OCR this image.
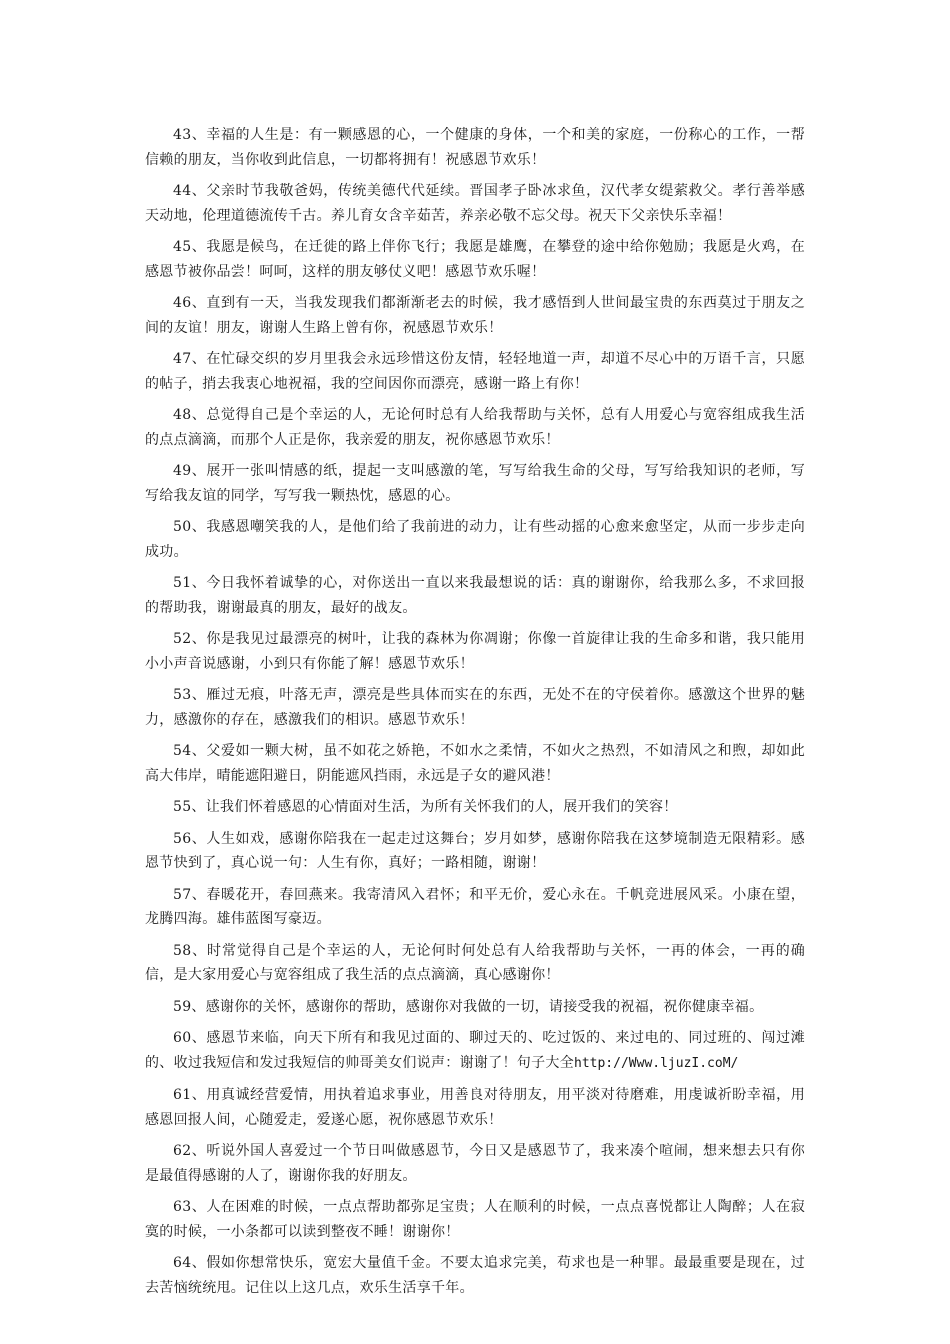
43、幸福的人生是：有一颗感恩的心，一个健康的身体，一个和美的家庭，一份称心的工作，一帮信赖的朋友，当你收到此信息，一切都将拥有！祝感恩节欢乐！

44、父亲时节我敬爸妈，传统美德代代延续。晋国孝子卧冰求鱼，汉代孝女缇萦救父。孝行善举感天动地，伦理道德流传千古。养儿育女含辛茹苦，养亲必敬不忘父母。祝天下父亲快乐幸福！

45、我愿是候鸟，在迁徙的路上伴你飞行；我愿是雄鹰，在攀登的途中给你勉励；我愿是火鸡，在感恩节被你品尝！呵呵，这样的朋友够仗义吧！感恩节欢乐喔！

46、直到有一天，当我发现我们都渐渐老去的时候，我才感悟到人世间最宝贵的东西莫过于朋友之间的友谊！朋友，谢谢人生路上曾有你，祝感恩节欢乐！

47、在忙碌交织的岁月里我会永远珍惜这份友情，轻轻地道一声，却道不尽心中的万语千言，只愿的帖子，捎去我衷心地祝福，我的空间因你而漂亮，感谢一路上有你！

48、总觉得自己是个幸运的人，无论何时总有人给我帮助与关怀，总有人用爱心与宽容组成我生活的点点滴滴，而那个人正是你，我亲爱的朋友，祝你感恩节欢乐！

49、展开一张叫情感的纸，提起一支叫感激的笔，写写给我生命的父母，写写给我知识的老师，写写给我友谊的同学，写写我一颗热忱，感恩的心。

50、我感恩嘲笑我的人，是他们给了我前进的动力，让有些动摇的心愈来愈坚定，从而一步步走向成功。

51、今日我怀着诚挚的心，对你送出一直以来我最想说的话：真的谢谢你，给我那么多，不求回报的帮助我，谢谢最真的朋友，最好的战友。

52、你是我见过最漂亮的树叶，让我的森林为你凋谢；你像一首旋律让我的生命多和谐，我只能用小小声音说感谢，小到只有你能了解！感恩节欢乐！

53、雁过无痕，叶落无声，漂亮是些具体而实在的东西，无处不在的守侯着你。感激这个世界的魅力，感激你的存在，感激我们的相识。感恩节欢乐！

54、父爱如一颗大树，虽不如花之娇艳，不如水之柔情，不如火之热烈，不如清风之和煦，却如此高大伟岸，晴能遮阳避日，阴能遮风挡雨，永远是子女的避风港！

55、让我们怀着感恩的心情面对生活，为所有关怀我们的人，展开我们的笑容！

56、人生如戏，感谢你陪我在一起走过这舞台；岁月如梦，感谢你陪我在这梦境制造无限精彩。感恩节快到了，真心说一句：人生有你，真好；一路相随，谢谢！

57、春暖花开，春回燕来。我寄清风入君怀；和平无价，爱心永在。千帆竞进展风采。小康在望，龙腾四海。雄伟蓝图写豪迈。

58、时常觉得自己是个幸运的人，无论何时何处总有人给我帮助与关怀，一再的体会，一再的确信，是大家用爱心与宽容组成了我生活的点点滴滴，真心感谢你！

59、感谢你的关怀，感谢你的帮助，感谢你对我做的一切，请接受我的祝福，祝你健康幸福。

60、感恩节来临，向天下所有和我见过面的、聊过天的、吃过饭的、来过电的、同过班的、闯过滩的、收过我短信和发过我短信的帅哥美女们说声：谢谢了！句子大全http://Www.ljuzI.coM/

61、用真诚经营爱情，用执着追求事业，用善良对待朋友，用平淡对待磨难，用虔诚祈盼幸福，用感恩回报人间，心随爱走，爱遂心愿，祝你感恩节欢乐！

62、听说外国人喜爱过一个节日叫做感恩节，今日又是感恩节了，我来凑个喧闹，想来想去只有你是最值得感谢的人了，谢谢你我的好朋友。

63、人在困难的时候，一点点帮助都弥足宝贵；人在顺利的时候，一点点喜悦都让人陶醉；人在寂寞的时候，一小条都可以读到整夜不睡！谢谢你！

64、假如你想常快乐，宽宏大量值千金。不要太追求完美，苟求也是一种罪。最最重要是现在，过去苦恼统统甩。记住以上这几点，欢乐生活享千年。
